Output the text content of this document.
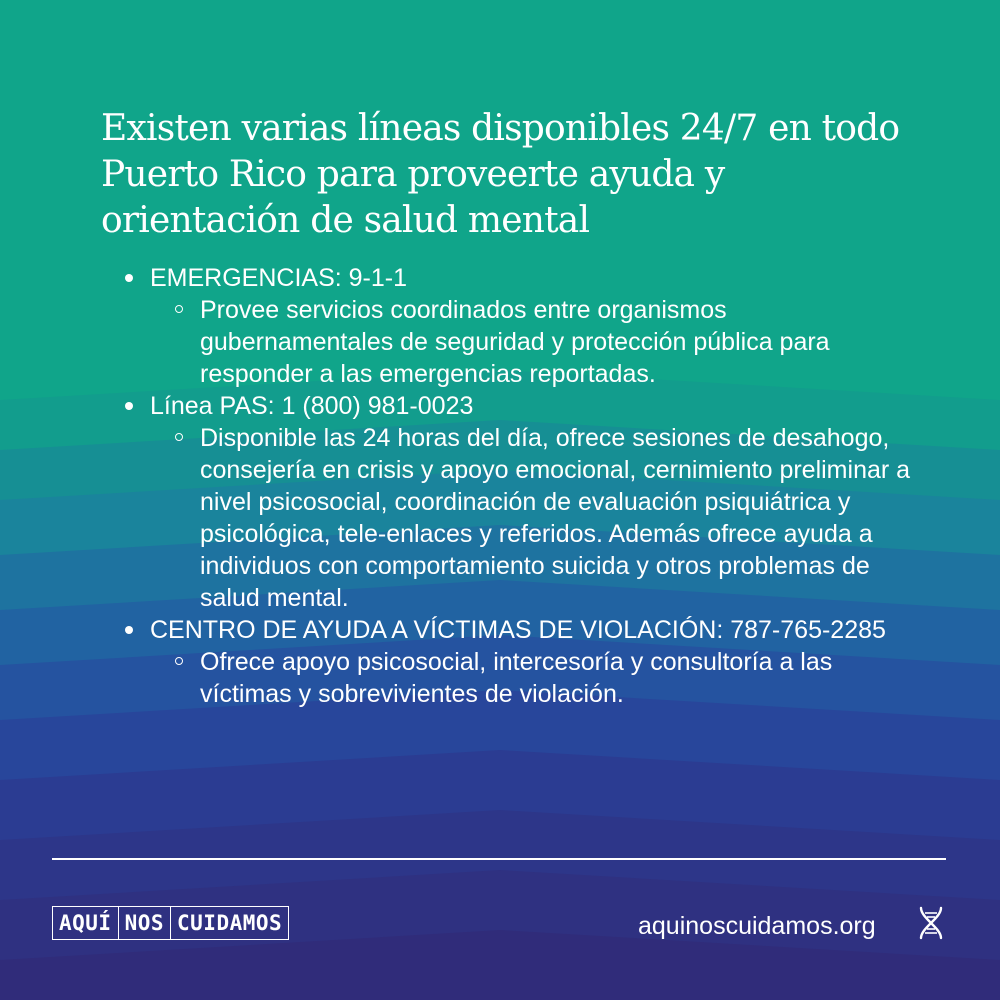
Existen varias líneas disponibles 24/7 en todo Puerto Rico para proveerte ayuda y orientación de salud mental
EMERGENCIAS: 9-1-1
Provee servicios coordinados entre organismos gubernamentales de seguridad y protección pública para responder a las emergencias reportadas.
Línea PAS: 1 (800) 981-0023
Disponible las 24 horas del día, ofrece sesiones de desahogo, consejería en crisis y apoyo emocional, cernimiento preliminar a nivel psicosocial, coordinación de evaluación psiquiátrica y psicológica, tele-enlaces y referidos. Además ofrece ayuda a individuos con comportamiento suicida y otros problemas de salud mental.
CENTRO DE AYUDA A VÍCTIMAS DE VIOLACIÓN: 787-765-2285
Ofrece apoyo psicosocial, intercesoría y consultoría a las víctimas y sobrevivientes de violación.
AQUÍ NOS CUIDAMOS	aquinoscuidamos.org
